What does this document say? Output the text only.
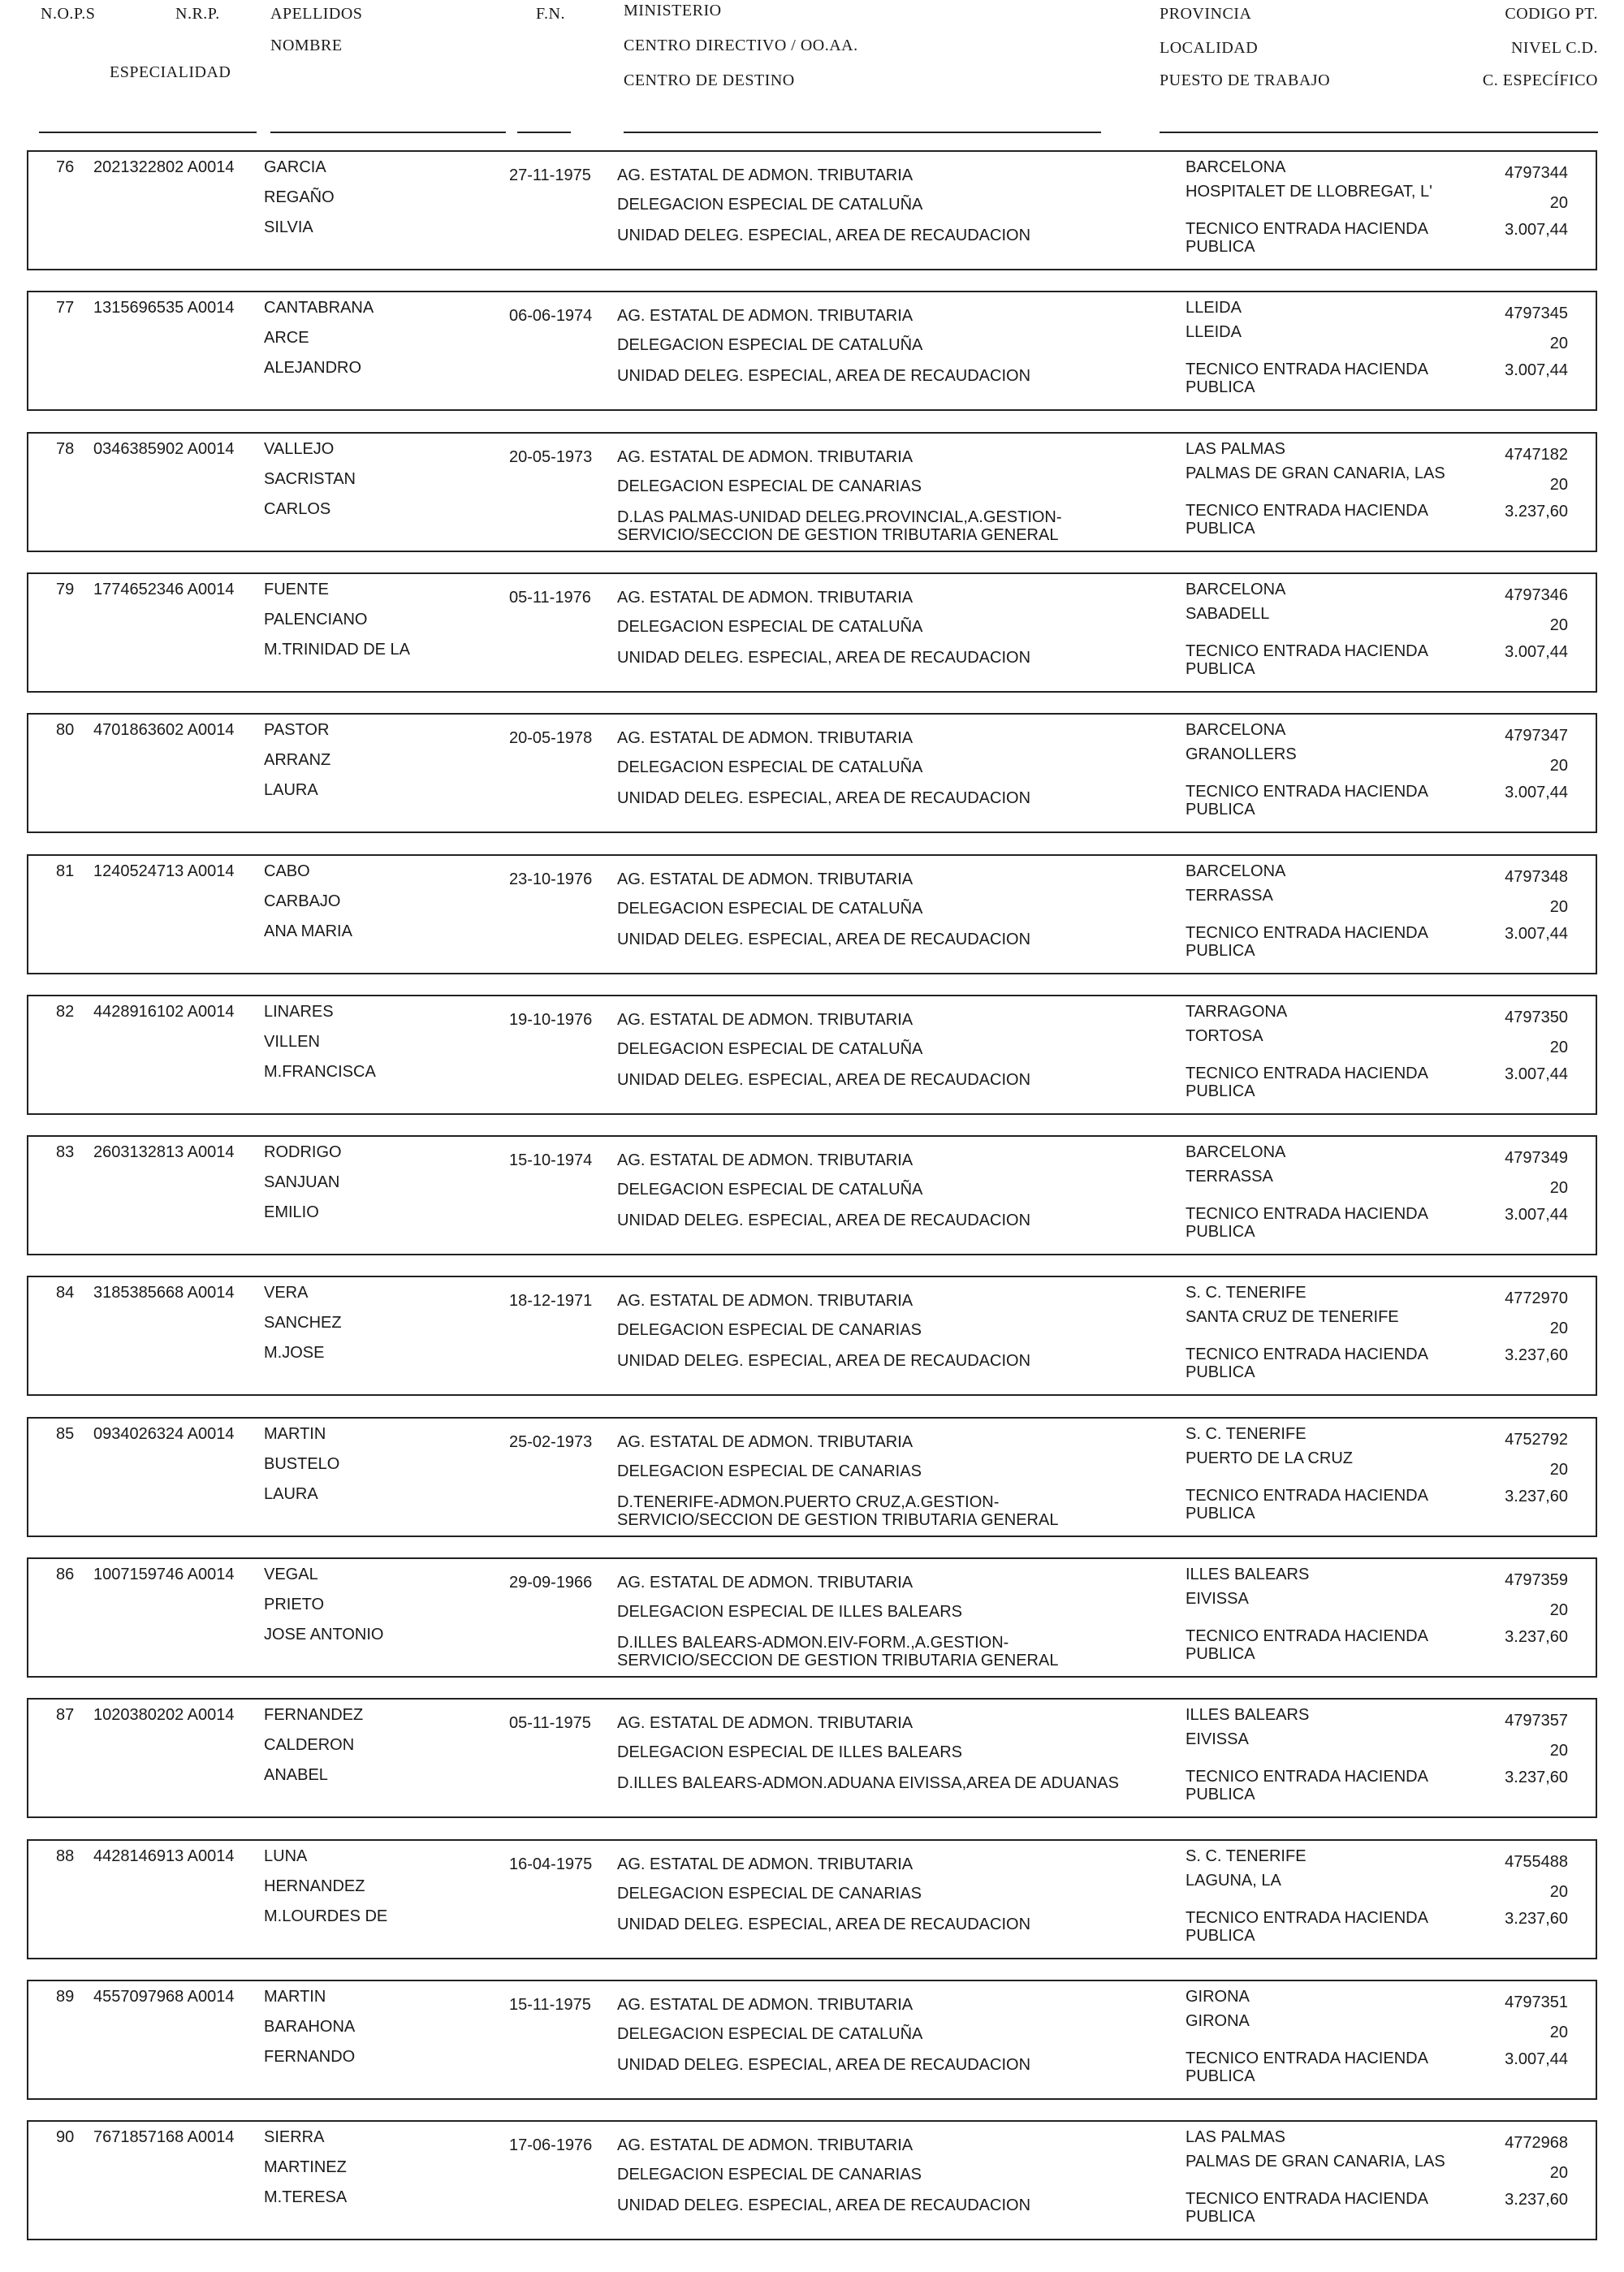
N.O.P.S	N.R.P.
ESPECIALIDAD
APELLIDOS
NOMBRE
F.N.	MINISTERIO
CENTRO DIRECTIVO / OO.AA.
CENTRO DE DESTINO
PROVINCIA
LOCALIDAD
PUESTO DE TRABAJO
CODIGO PT.
NIVEL C.D.
C. ESPECÍFICO
76 2021322802 A0014 GARCIA
REGAÑO
SILVIA
27-11-1975 AG. ESTATAL DE ADMON. TRIBUTARIA
DELEGACION ESPECIAL DE CATALUÑA
UNIDAD DELEG. ESPECIAL, AREA DE RECAUDACION

BARCELONA
HOSPITALET DE LLOBREGAT, L'
TECNICO ENTRADA HACIENDA
PUBLICA
4797344
20
3.007,44
77 1315696535 A0014 CANTABRANA
ARCE
ALEJANDRO
06-06-1974 AG. ESTATAL DE ADMON. TRIBUTARIA
DELEGACION ESPECIAL DE CATALUÑA
UNIDAD DELEG. ESPECIAL, AREA DE RECAUDACION

LLEIDA
LLEIDA
TECNICO ENTRADA HACIENDA
PUBLICA
4797345
20
3.007,44
78 0346385902 A0014 VALLEJO
SACRISTAN
CARLOS
20-05-1973 AG. ESTATAL DE ADMON. TRIBUTARIA
DELEGACION ESPECIAL DE CANARIAS
D.LAS PALMAS-UNIDAD DELEG.PROVINCIAL,A.GESTION-
SERVICIO/SECCION DE GESTION TRIBUTARIA GENERAL
LAS PALMAS
PALMAS DE GRAN CANARIA, LAS
TECNICO ENTRADA HACIENDA
PUBLICA
4747182
20
3.237,60
79 1774652346 A0014 FUENTE
PALENCIANO
M.TRINIDAD DE LA
05-11-1976 AG. ESTATAL DE ADMON. TRIBUTARIA
DELEGACION ESPECIAL DE CATALUÑA
UNIDAD DELEG. ESPECIAL, AREA DE RECAUDACION

BARCELONA
SABADELL
TECNICO ENTRADA HACIENDA
PUBLICA
4797346
20
3.007,44
80 4701863602 A0014 PASTOR
ARRANZ
LAURA
20-05-1978 AG. ESTATAL DE ADMON. TRIBUTARIA
DELEGACION ESPECIAL DE CATALUÑA
UNIDAD DELEG. ESPECIAL, AREA DE RECAUDACION

BARCELONA
GRANOLLERS
TECNICO ENTRADA HACIENDA
PUBLICA
4797347
20
3.007,44
81 1240524713 A0014 CABO
CARBAJO
ANA MARIA
23-10-1976 AG. ESTATAL DE ADMON. TRIBUTARIA
DELEGACION ESPECIAL DE CATALUÑA
UNIDAD DELEG. ESPECIAL, AREA DE RECAUDACION

BARCELONA
TERRASSA
TECNICO ENTRADA HACIENDA
PUBLICA
4797348
20
3.007,44
82 4428916102 A0014 LINARES
VILLEN
M.FRANCISCA
19-10-1976 AG. ESTATAL DE ADMON. TRIBUTARIA
DELEGACION ESPECIAL DE CATALUÑA
UNIDAD DELEG. ESPECIAL, AREA DE RECAUDACION

TARRAGONA
TORTOSA
TECNICO ENTRADA HACIENDA
PUBLICA
4797350
20
3.007,44
83 2603132813 A0014 RODRIGO
SANJUAN
EMILIO
15-10-1974 AG. ESTATAL DE ADMON. TRIBUTARIA
DELEGACION ESPECIAL DE CATALUÑA
UNIDAD DELEG. ESPECIAL, AREA DE RECAUDACION

BARCELONA
TERRASSA
TECNICO ENTRADA HACIENDA
PUBLICA
4797349
20
3.007,44
84 3185385668 A0014 VERA
SANCHEZ
M.JOSE
18-12-1971 AG. ESTATAL DE ADMON. TRIBUTARIA
DELEGACION ESPECIAL DE CANARIAS
UNIDAD DELEG. ESPECIAL, AREA DE RECAUDACION

S. C. TENERIFE
SANTA CRUZ DE TENERIFE
TECNICO ENTRADA HACIENDA
PUBLICA
4772970
20
3.237,60
85 0934026324 A0014 MARTIN
BUSTELO
LAURA
25-02-1973 AG. ESTATAL DE ADMON. TRIBUTARIA
DELEGACION ESPECIAL DE CANARIAS
D.TENERIFE-ADMON.PUERTO CRUZ,A.GESTION-
SERVICIO/SECCION DE GESTION TRIBUTARIA GENERAL
S. C. TENERIFE
PUERTO DE LA CRUZ
TECNICO ENTRADA HACIENDA
PUBLICA
4752792
20
3.237,60
86 1007159746 A0014 VEGAL
PRIETO
JOSE ANTONIO
29-09-1966 AG. ESTATAL DE ADMON. TRIBUTARIA
DELEGACION ESPECIAL DE ILLES BALEARS
D.ILLES BALEARS-ADMON.EIV-FORM.,A.GESTION-
SERVICIO/SECCION DE GESTION TRIBUTARIA GENERAL
ILLES BALEARS
EIVISSA
TECNICO ENTRADA HACIENDA
PUBLICA
4797359
20
3.237,60
87 1020380202 A0014 FERNANDEZ
CALDERON
ANABEL
05-11-1975 AG. ESTATAL DE ADMON. TRIBUTARIA
DELEGACION ESPECIAL DE ILLES BALEARS
D.ILLES BALEARS-ADMON.ADUANA EIVISSA,AREA DE ADUANAS

ILLES BALEARS
EIVISSA
TECNICO ENTRADA HACIENDA
PUBLICA
4797357
20
3.237,60
88 4428146913 A0014 LUNA
HERNANDEZ
M.LOURDES DE
16-04-1975 AG. ESTATAL DE ADMON. TRIBUTARIA
DELEGACION ESPECIAL DE CANARIAS
UNIDAD DELEG. ESPECIAL, AREA DE RECAUDACION

S. C. TENERIFE
LAGUNA, LA
TECNICO ENTRADA HACIENDA
PUBLICA
4755488
20
3.237,60
89 4557097968 A0014 MARTIN
BARAHONA
FERNANDO
15-11-1975 AG. ESTATAL DE ADMON. TRIBUTARIA
DELEGACION ESPECIAL DE CATALUÑA
UNIDAD DELEG. ESPECIAL, AREA DE RECAUDACION

GIRONA
GIRONA
TECNICO ENTRADA HACIENDA
PUBLICA
4797351
20
3.007,44
90 7671857168 A0014 SIERRA
MARTINEZ
M.TERESA
17-06-1976 AG. ESTATAL DE ADMON. TRIBUTARIA
DELEGACION ESPECIAL DE CANARIAS
UNIDAD DELEG. ESPECIAL, AREA DE RECAUDACION

LAS PALMAS
PALMAS DE GRAN CANARIA, LAS
TECNICO ENTRADA HACIENDA
PUBLICA
4772968
20
3.237,60
